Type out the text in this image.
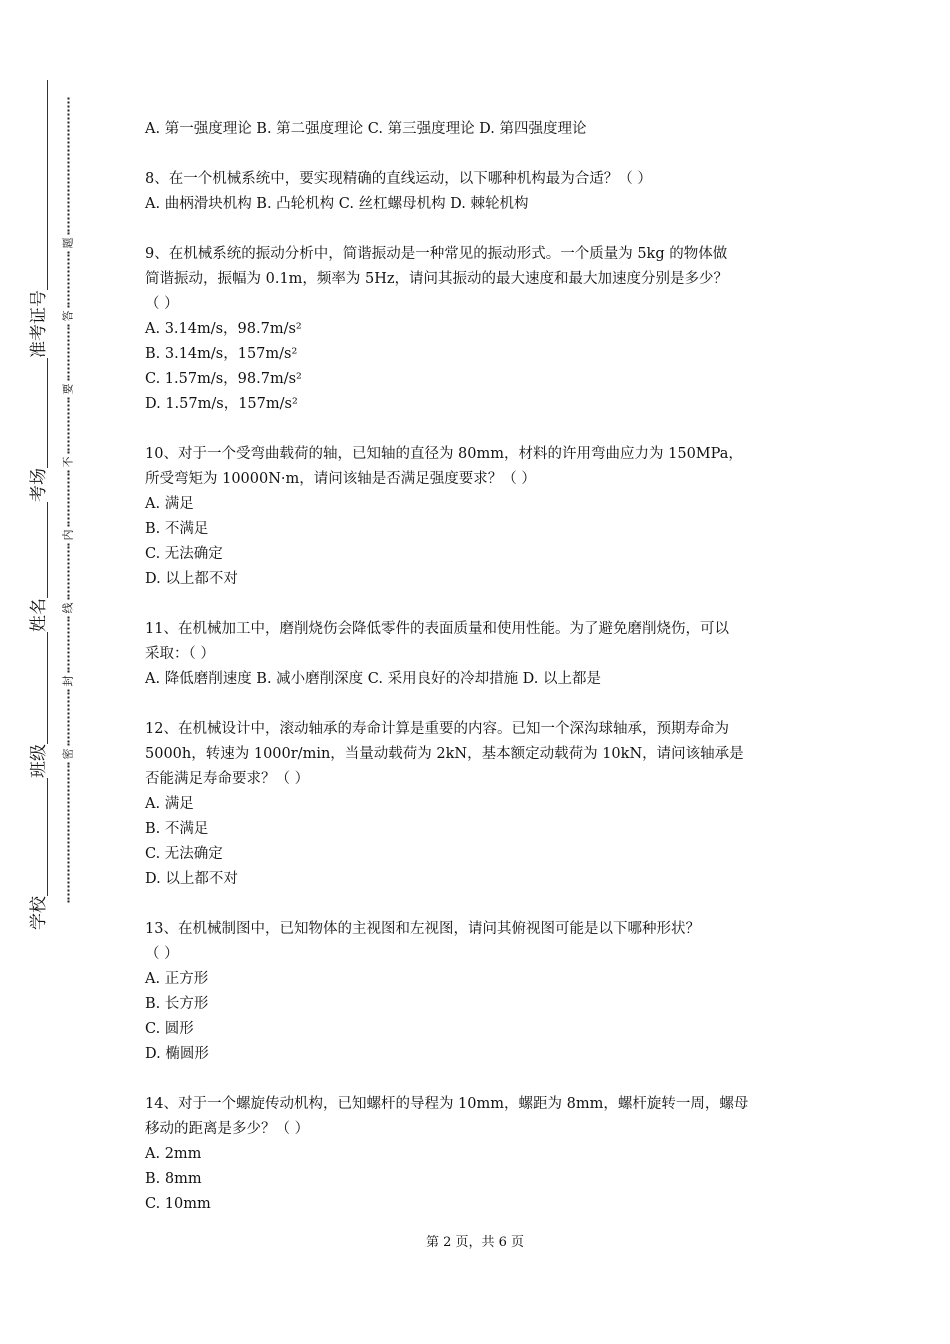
学校
班级
姓名
考场
准考证号
密
封
线
内
不
要
答
题
A. 第一强度理论 B. 第二强度理论 C. 第三强度理论 D. 第四强度理论
8、在一个机械系统中，要实现精确的直线运动，以下哪种机构最为合适？（ ）
A. 曲柄滑块机构 B. 凸轮机构 C. 丝杠螺母机构 D. 棘轮机构
9、在机械系统的振动分析中，简谐振动是一种常见的振动形式。一个质量为 5kg 的物体做
简谐振动，振幅为 0.1m，频率为 5Hz，请问其振动的最大速度和最大加速度分别是多少？
（ ）
A. 3.14m/s，98.7m/s²
B. 3.14m/s，157m/s²
C. 1.57m/s，98.7m/s²
D. 1.57m/s，157m/s²
10、对于一个受弯曲载荷的轴，已知轴的直径为 80mm，材料的许用弯曲应力为 150MPa，
所受弯矩为 10000N·m，请问该轴是否满足强度要求？（ ）
A. 满足
B. 不满足
C. 无法确定
D. 以上都不对
11、在机械加工中，磨削烧伤会降低零件的表面质量和使用性能。为了避免磨削烧伤，可以
采取：（ ）
A. 降低磨削速度 B. 减小磨削深度 C. 采用良好的冷却措施 D. 以上都是
12、在机械设计中，滚动轴承的寿命计算是重要的内容。已知一个深沟球轴承，预期寿命为
5000h，转速为 1000r/min，当量动载荷为 2kN，基本额定动载荷为 10kN，请问该轴承是
否能满足寿命要求？（ ）
A. 满足
B. 不满足
C. 无法确定
D. 以上都不对
13、在机械制图中，已知物体的主视图和左视图，请问其俯视图可能是以下哪种形状？
（ ）
A. 正方形
B. 长方形
C. 圆形
D. 椭圆形
14、对于一个螺旋传动机构，已知螺杆的导程为 10mm，螺距为 8mm，螺杆旋转一周，螺母
移动的距离是多少？（ ）
A. 2mm
B. 8mm
C. 10mm
第 2 页，共 6 页
